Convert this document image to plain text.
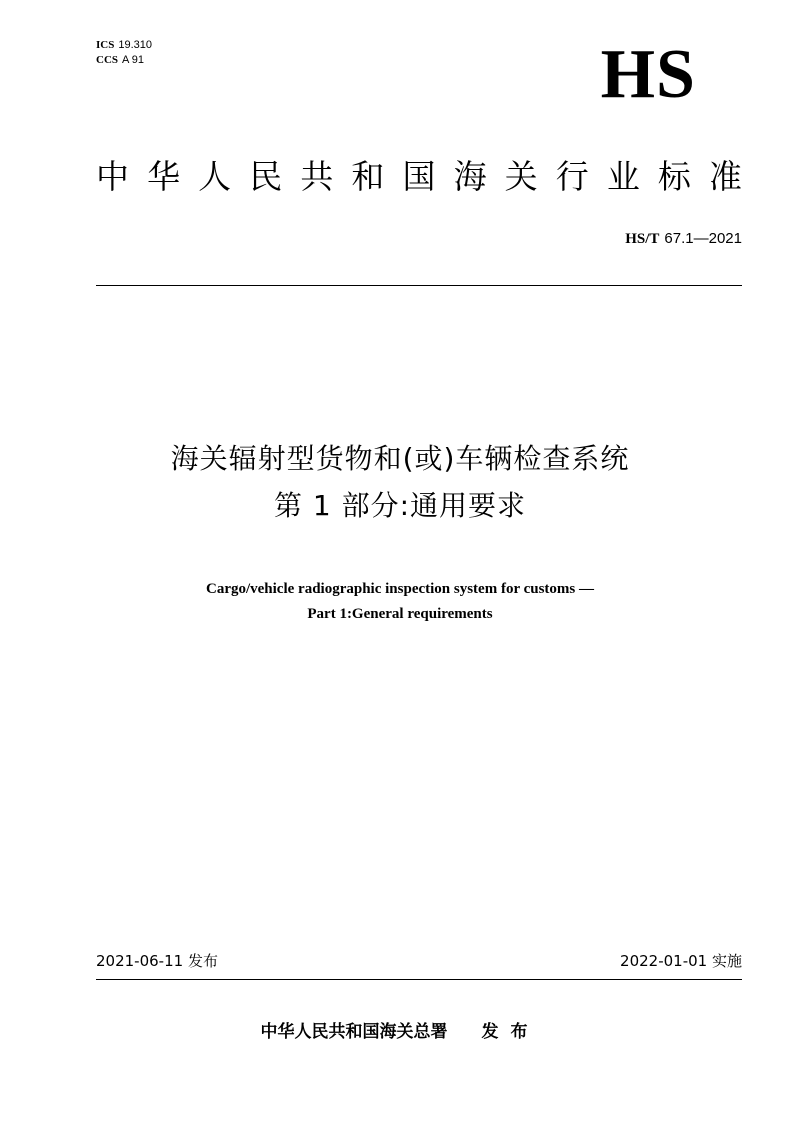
ICS 19.310
CCS A 91	HS
中华人民共和国海关行业标准
HS/T 67.1—2021
海关辐射型货物和(或)车辆检查系统
第 1 部分:通用要求
Cargo/vehicle radiographic inspection system for customs —
Part 1:General requirements
2021-06-11 发布	2022-01-01 实施
中华人民共和国海关总署 发布
